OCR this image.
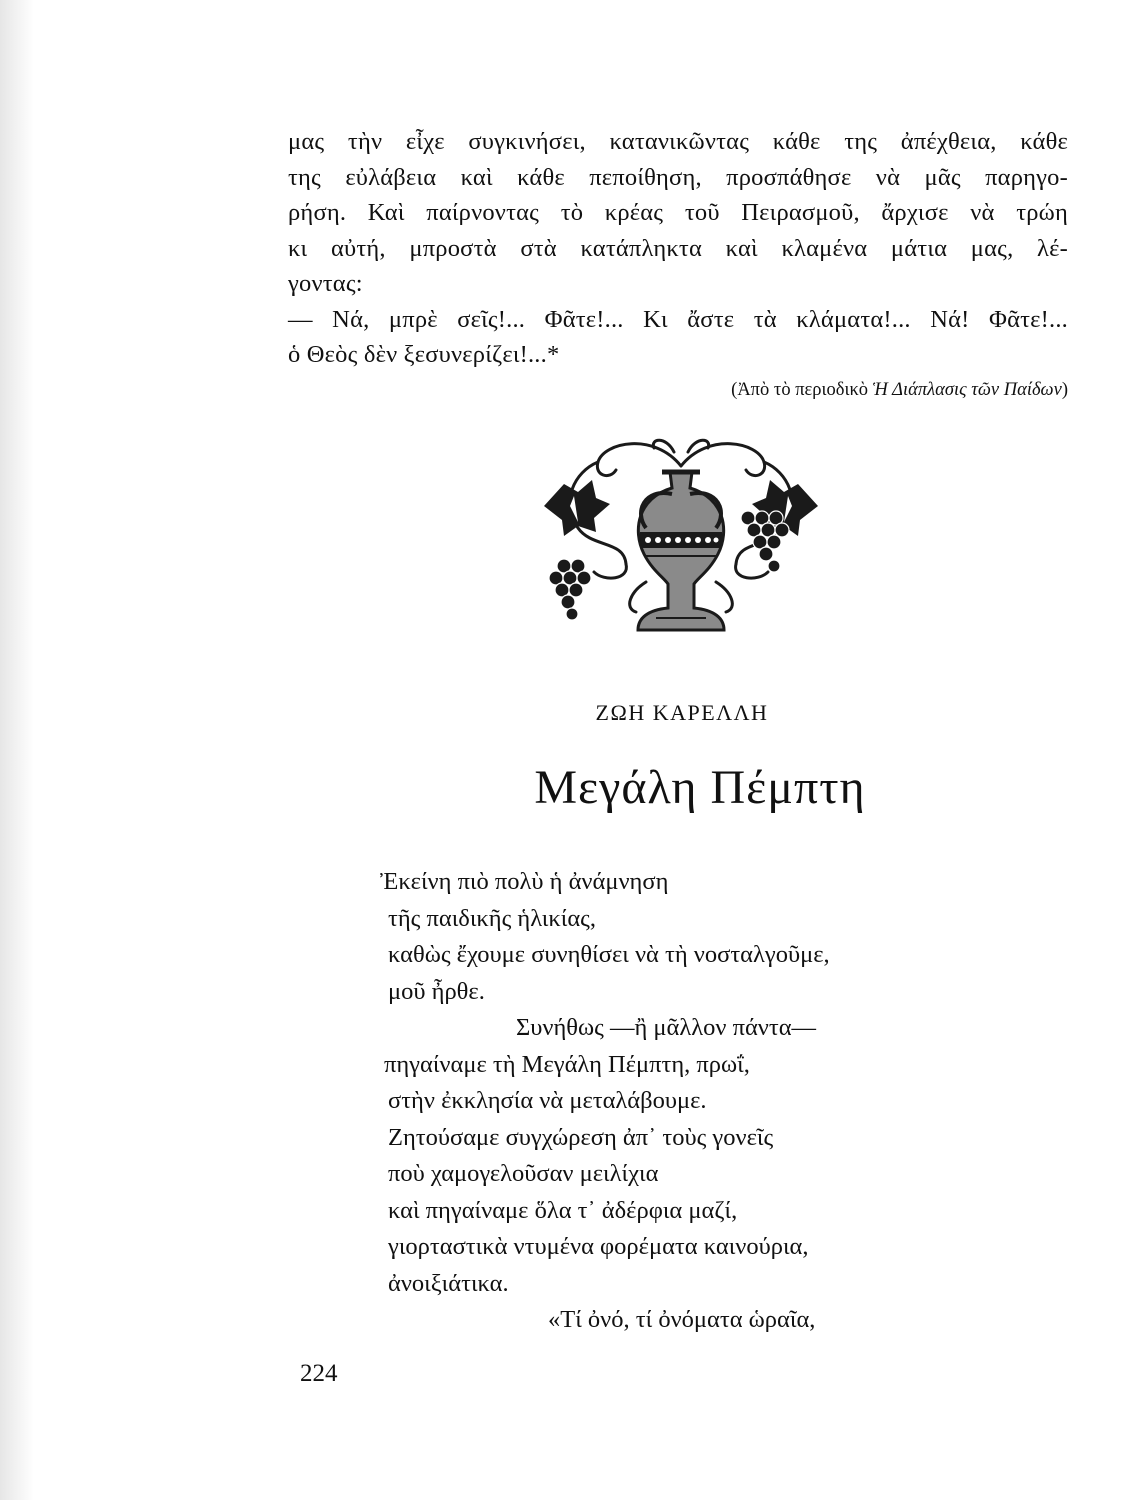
μας τὴν εἶχε συγκινήσει, κατανικῶντας κάθε της ἀπέχθεια, κάθε
της εὐλάβεια καὶ κάθε πεποίθηση, προσπάθησε νὰ μᾶς παρηγο-
ρήση. Καὶ παίρνοντας τὸ κρέας τοῦ Πειρασμοῦ, ἄρχισε νὰ τρώη
κι αὐτή, μπροστὰ στὰ κατάπληκτα καὶ κλαμένα μάτια μας, λέ-
γοντας:
— Νά, μπρὲ σεῖς!... Φᾶτε!... Κι ἄστε τὰ κλάματα!... Νά! Φᾶτε!...
ὁ Θεὸς δὲν ξεσυνερίζει!...*
(Ἀπὸ τὸ περιοδικὸ Ἡ Διάπλασις τῶν Παίδων)
ΖΩΗ ΚΑΡΕΛΛΗ
Μεγάλη Πέμπτη
Ἐκείνη πιὸ πολὺ ἡ ἀνάμνηση
τῆς παιδικῆς ἡλικίας,
καθὼς ἔχουμε συνηθίσει νὰ τὴ νοσταλγοῦμε,
μοῦ ἦρθε.
Συνήθως —ἢ μᾶλλον πάντα—
πηγαίναμε τὴ Μεγάλη Πέμπτη, πρωΐ,
στὴν ἐκκλησία νὰ μεταλάβουμε.
Ζητούσαμε συγχώρεση ἀπ᾽ τοὺς γονεῖς
ποὺ χαμογελοῦσαν μειλίχια
καὶ πηγαίναμε ὅλα τ᾽ ἀδέρφια μαζί,
γιορταστικὰ ντυμένα φορέματα καινούρια,
ἀνοιξιάτικα.
«Τί ὀνό, τί ὀνόματα ὡραῖα,
224
